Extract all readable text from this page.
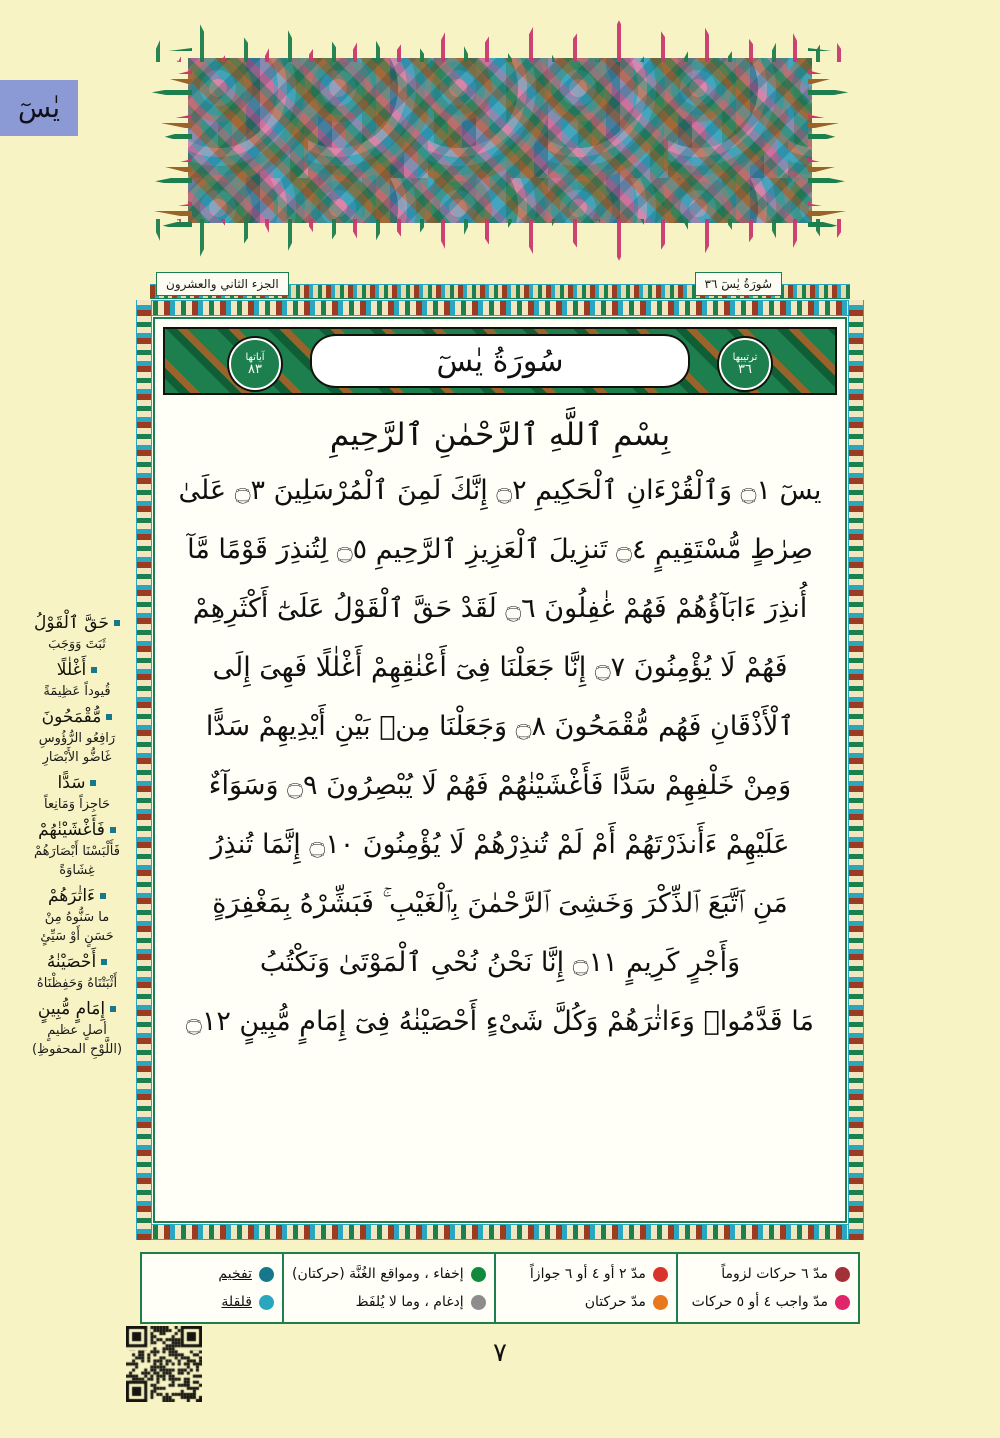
يٰسٓ
سُورَةُ يٰسٓ ٣٦
الجزء الثاني والعشرون
ترتيبها
٣٦
سُورَةُ يٰسٓ
آياتها
٨٣
بِسْمِ ٱللَّهِ ٱلرَّحْمٰنِ ٱلرَّحِيمِ
يسٓ ۝١ وَٱلْقُرْءَانِ ٱلْحَكِيمِ ۝٢ إِنَّكَ لَمِنَ ٱلْمُرْسَلِينَ ۝٣ عَلَىٰ
صِرٰطٍ مُّسْتَقِيمٍ ۝٤ تَنزِيلَ ٱلْعَزِيزِ ٱلرَّحِيمِ ۝٥ لِتُنذِرَ قَوْمًا مَّآ
أُنذِرَ ءَابَآؤُهُمْ فَهُمْ غٰفِلُونَ ۝٦ لَقَدْ حَقَّ ٱلْقَوْلُ عَلَىٰٓ أَكْثَرِهِمْ
فَهُمْ لَا يُؤْمِنُونَ ۝٧ إِنَّا جَعَلْنَا فِىٓ أَعْنٰقِهِمْ أَغْلٰلًا فَهِىَ إِلَى
ٱلْأَذْقَانِ فَهُم مُّقْمَحُونَ ۝٨ وَجَعَلْنَا مِنۢ بَيْنِ أَيْدِيهِمْ سَدًّا
وَمِنْ خَلْفِهِمْ سَدًّا فَأَغْشَيْنٰهُمْ فَهُمْ لَا يُبْصِرُونَ ۝٩ وَسَوَآءٌ
عَلَيْهِمْ ءَأَنذَرْتَهُمْ أَمْ لَمْ تُنذِرْهُمْ لَا يُؤْمِنُونَ ۝١٠ إِنَّمَا تُنذِرُ
مَنِ ٱتَّبَعَ ٱلذِّكْرَ وَخَشِىَ ٱلرَّحْمٰنَ بِٱلْغَيْبِ ۚ فَبَشِّرْهُ بِمَغْفِرَةٍ
وَأَجْرٍ كَرِيمٍ ۝١١ إِنَّا نَحْنُ نُحْىِ ٱلْمَوْتَىٰ وَنَكْتُبُ
مَا قَدَّمُوا۟ وَءَاثٰرَهُمْ وَكُلَّ شَىْءٍ أَحْصَيْنٰهُ فِىٓ إِمَامٍ مُّبِينٍ ۝١٢
حَقَّ ٱلْقَوْلُ
ثَبَتَ وَوَجَبَ
أَغْلٰلًا
قُيوداً عَظِيمَةً
مُّقْمَحُونَ
رَافِعُو الرُّؤُوسِ
غَاضُّو الأَبْصَارِ
سَدًّا
حَاجِزاً وَمَانِعاً
فَأَغْشَيْنٰهُمْ
فَأَلْبَسْنَا أَبْصَارَهُمْ
غِشَاوَةً
ءَاثٰرَهُمْ
ما سَنُّوهُ مِنْ
حَسَنٍ أَوْ سَيِّئٍ
أَحْصَيْنٰهُ
أَثْبَتْنَاهُ وَحَفِظْنَاهُ
إِمَامٍ مُّبِينٍ
أصلٍ عظيمٍ
(اللَّوْحِ المحفوظِ)
مدّ ٦ حركات لزوماً
مدّ واجب ٤ أو ٥ حركات
مدّ ٢ أو ٤ أو ٦ جوازاً
مدّ حركتان
إخفاء ، ومواقع الغُنَّة (حركتان)
إدغام ، وما لا يُلفَظ
تفخيم
قلقلة
٧
